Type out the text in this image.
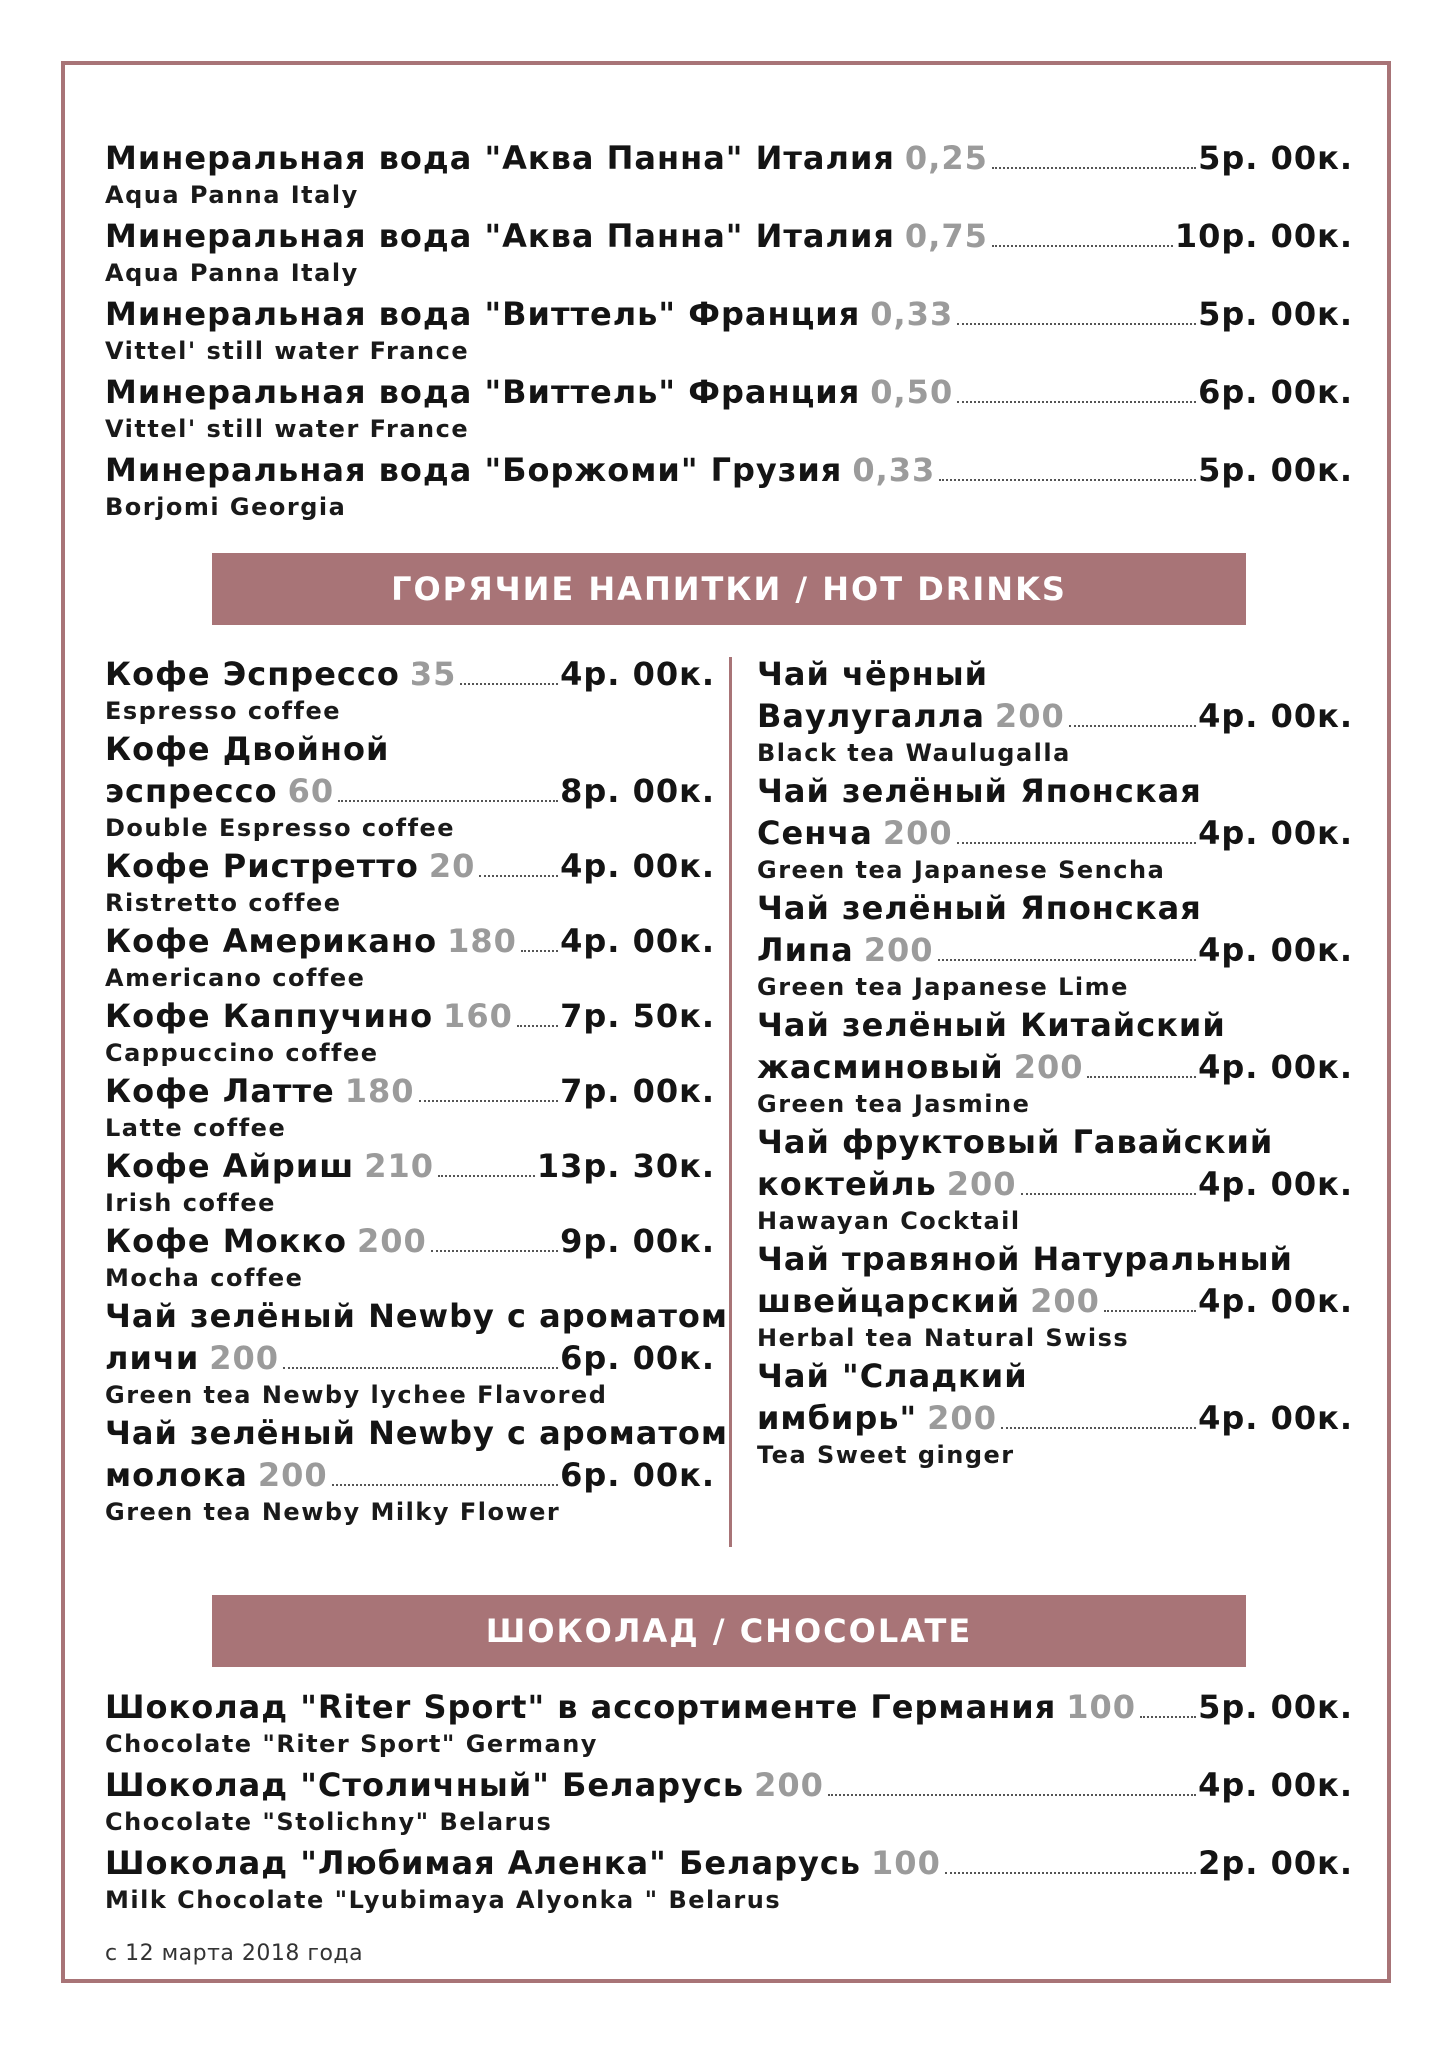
Минеральная вода "Аква Панна" Италия 0,25	5р. 00к.
Aqua Panna Italy
Минеральная вода "Аква Панна" Италия 0,75	10р. 00к.
Aqua Panna Italy
Минеральная вода "Виттель" Франция 0,33	5р. 00к.
Vittel' still water France
Минеральная вода "Виттель" Франция 0,50	6р. 00к.
Vittel' still water France
Минеральная вода "Боржоми" Грузия 0,33	5р. 00к.
Borjomi Georgia
ГОРЯЧИЕ НАПИТКИ / HOT DRINKS
Кофе Эспрессо 35	4р. 00к.
Espresso coffee
Кофе Двойной
эспрессо 60	8р. 00к.
Double Espresso coffee
Кофе Ристретто 20	4р. 00к.
Ristretto coffee
Кофе Американо 180 4р. 00к.
Americano coffee
Кофе Каппучино 160 7р. 50к.
Cappuccino coffee
Кофе Латте 180	7р. 00к.
Latte coffee
Кофе Айриш 210	13р. 30к.
Irish coffee
Кофе Мокко 200	9р. 00к.
Mocha coffee
Чай зелёный Newby с ароматом
личи 200	6р. 00к.
Green tea Newby lychee Flavored
Чай зелёный Newby с ароматом
молока 200	6р. 00к.
Green tea Newby Milky Flower
Чай чёрный
Ваулугалла 200	4р. 00к.
Black tea Waulugalla
Чай зелёный Японская
Сенча 200	4р. 00к.
Green tea Japanese Sencha
Чай зелёный Японская
Липа 200	4р. 00к.
Green tea Japanese Lime
Чай зелёный Китайский
жасминовый 200	4р. 00к.
Green tea Jasmine
Чай фруктовый Гавайский
коктейль 200	4р. 00к.
Hawayan Cocktail
Чай травяной Натуральный
швейцарский 200	4р. 00к.
Herbal tea Natural Swiss
Чай "Сладкий
имбирь" 200	4р. 00к.
Tea Sweet ginger
ШОКОЛАД / CHOCOLATE
Шоколад "Riter Sport" в ассортименте Германия 100 5р. 00к.
Chocolate "Riter Sport" Germany
Шоколад "Столичный" Беларусь 200	4р. 00к.
Chocolate "Stolichny" Belarus
Шоколад "Любимая Аленка" Беларусь 100	2р. 00к.
Milk Chocolate "Lyubimaya Alyonka " Belarus
с 12 марта 2018 года
